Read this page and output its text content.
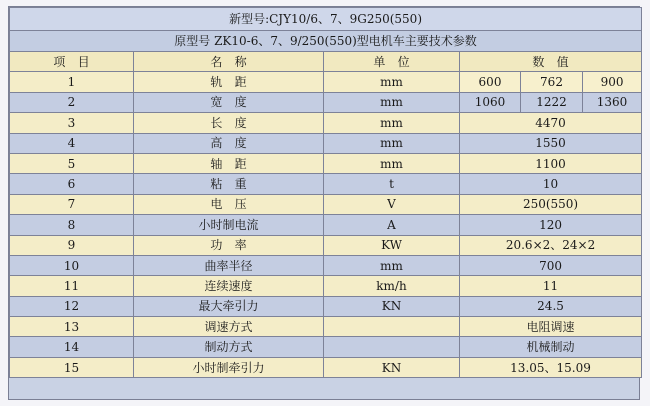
新型号:CJY10/6、7、9G250(550)					
原型号 ZK10-6、7、9/250(550)型电机车主要技术参数					
项 目	名 称	单 位	数 值		
1	轨 距	mm	600	762	900
2	宽 度	mm	1060	1222	1360
3	长 度	mm	4470		
4	高 度	mm	1550		
5	轴 距	mm	1100		
6	粘 重	t	10		
7	电 压	V	250(550)		
8	小时制电流	A	120		
9	功 率	KW	20.6×2、24×2		
10	曲率半径	mm	700		
11	连续速度	km/h	11		
12	最大牵引力	KN	24.5		
13	调速方式		电阻调速		
14	制动方式		机械制动		
15	小时制牵引力	KN	13.05、15.09		
